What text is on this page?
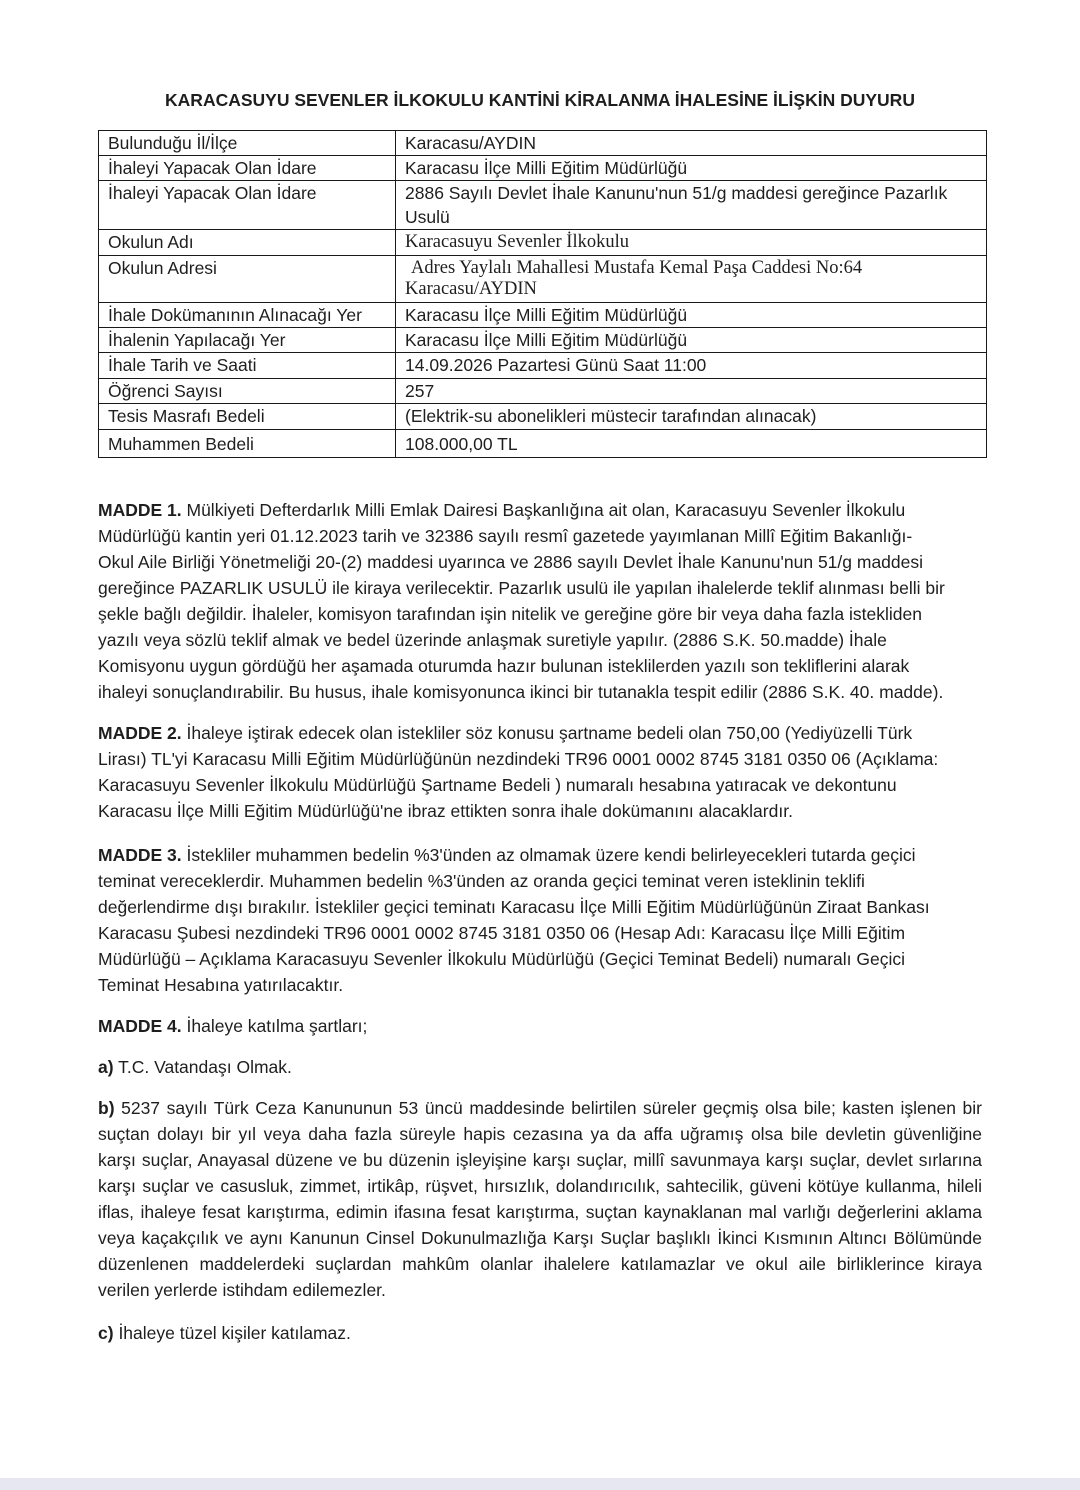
KARACASUYU SEVENLER İLKOKULU KANTİNİ KİRALANMA İHALESİNE İLİŞKİN DUYURU
Bulunduğu İl/İlçe	Karacasu/AYDIN
İhaleyi Yapacak Olan İdare	Karacasu İlçe Milli Eğitim Müdürlüğü
İhaleyi Yapacak Olan İdare	2886 Sayılı Devlet İhale Kanunu'nun 51/g maddesi gereğince Pazarlık Usulü
Okulun Adı	Karacasuyu Sevenler İlkokulu
Okulun Adresi	Adres Yaylalı Mahallesi Mustafa Kemal Paşa Caddesi No:64 Karacasu/AYDIN
İhale Dokümanının Alınacağı Yer	Karacasu İlçe Milli Eğitim Müdürlüğü
İhalenin Yapılacağı Yer	Karacasu İlçe Milli Eğitim Müdürlüğü
İhale Tarih ve Saati	14.09.2026 Pazartesi Günü Saat 11:00
Öğrenci Sayısı	257
Tesis Masrafı Bedeli	(Elektrik-su abonelikleri müstecir tarafından alınacak)
Muhammen Bedeli	108.000,00 TL
MADDE 1. Mülkiyeti Defterdarlık Milli Emlak Dairesi Başkanlığına ait olan, Karacasuyu Sevenler İlkokulu
Müdürlüğü kantin yeri 01.12.2023 tarih ve 32386 sayılı resmî gazetede yayımlanan Millî Eğitim Bakanlığı-
Okul Aile Birliği Yönetmeliği 20-(2) maddesi uyarınca ve 2886 sayılı Devlet İhale Kanunu'nun 51/g maddesi
gereğince PAZARLIK USULÜ ile kiraya verilecektir. Pazarlık usulü ile yapılan ihalelerde teklif alınması belli bir
şekle bağlı değildir. İhaleler, komisyon tarafından işin nitelik ve gereğine göre bir veya daha fazla istekliden
yazılı veya sözlü teklif almak ve bedel üzerinde anlaşmak suretiyle yapılır. (2886 S.K. 50.madde) İhale
Komisyonu uygun gördüğü her aşamada oturumda hazır bulunan isteklilerden yazılı son tekliflerini alarak
ihaleyi sonuçlandırabilir. Bu husus, ihale komisyonunca ikinci bir tutanakla tespit edilir (2886 S.K. 40. madde).
MADDE 2. İhaleye iştirak edecek olan istekliler söz konusu şartname bedeli olan 750,00 (Yediyüzelli Türk
Lirası) TL'yi Karacasu Milli Eğitim Müdürlüğünün nezdindeki TR96 0001 0002 8745 3181 0350 06 (Açıklama:
Karacasuyu Sevenler İlkokulu Müdürlüğü Şartname Bedeli ) numaralı hesabına yatıracak ve dekontunu
Karacasu İlçe Milli Eğitim Müdürlüğü'ne ibraz ettikten sonra ihale dokümanını alacaklardır.
MADDE 3. İstekliler muhammen bedelin %3'ünden az olmamak üzere kendi belirleyecekleri tutarda geçici
teminat vereceklerdir. Muhammen bedelin %3'ünden az oranda geçici teminat veren isteklinin teklifi
değerlendirme dışı bırakılır. İstekliler geçici teminatı Karacasu İlçe Milli Eğitim Müdürlüğünün Ziraat Bankası
Karacasu Şubesi nezdindeki TR96 0001 0002 8745 3181 0350 06 (Hesap Adı: Karacasu İlçe Milli Eğitim
Müdürlüğü – Açıklama Karacasuyu Sevenler İlkokulu Müdürlüğü (Geçici Teminat Bedeli) numaralı Geçici
Teminat Hesabına yatırılacaktır.
MADDE 4. İhaleye katılma şartları;
a) T.C. Vatandaşı Olmak.
b) 5237 sayılı Türk Ceza Kanununun 53 üncü maddesinde belirtilen süreler geçmiş olsa bile; kasten işlenen bir
suçtan dolayı bir yıl veya daha fazla süreyle hapis cezasına ya da affa uğramış olsa bile devletin güvenliğine
karşı suçlar, Anayasal düzene ve bu düzenin işleyişine karşı suçlar, millî savunmaya karşı suçlar, devlet sırlarına
karşı suçlar ve casusluk, zimmet, irtikâp, rüşvet, hırsızlık, dolandırıcılık, sahtecilik, güveni kötüye kullanma, hileli
iflas, ihaleye fesat karıştırma, edimin ifasına fesat karıştırma, suçtan kaynaklanan mal varlığı değerlerini aklama
veya kaçakçılık ve aynı Kanunun Cinsel Dokunulmazlığa Karşı Suçlar başlıklı İkinci Kısmının Altıncı Bölümünde
düzenlenen maddelerdeki suçlardan mahkûm olanlar ihalelere katılamazlar ve okul aile birliklerince kiraya
verilen yerlerde istihdam edilemezler.
c) İhaleye tüzel kişiler katılamaz.
